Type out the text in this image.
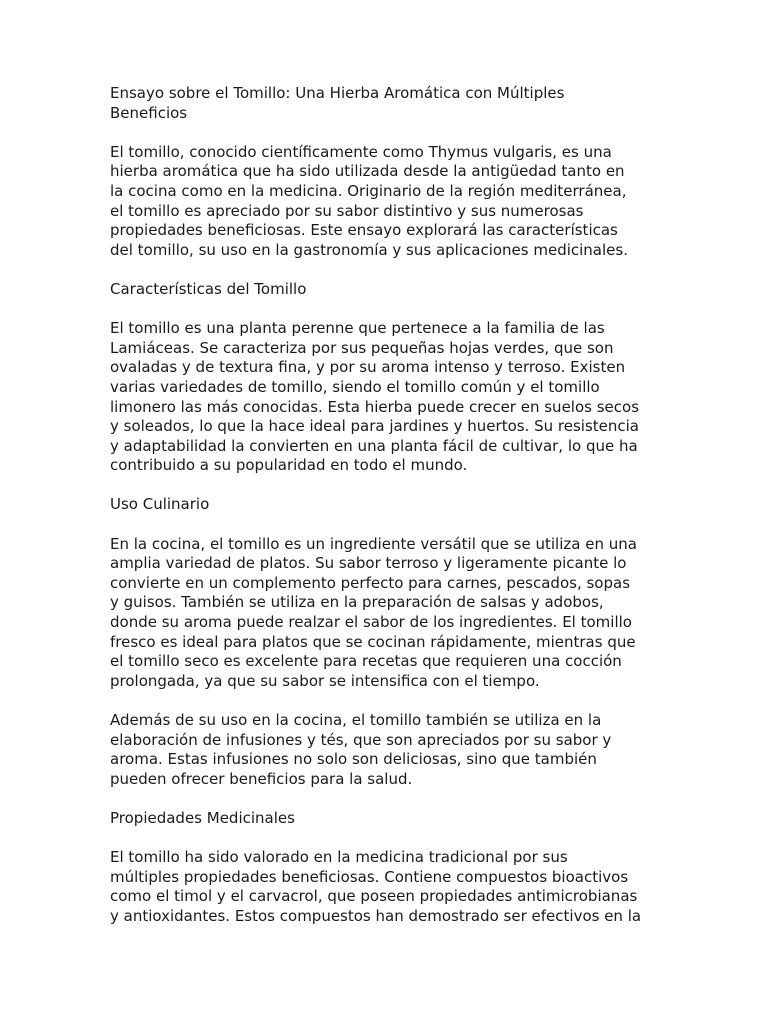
Ensayo sobre el Tomillo: Una Hierba Aromática con Múltiples
Beneficios

El tomillo, conocido científicamente como Thymus vulgaris, es una
hierba aromática que ha sido utilizada desde la antigüedad tanto en
la cocina como en la medicina. Originario de la región mediterránea,
el tomillo es apreciado por su sabor distintivo y sus numerosas
propiedades beneficiosas. Este ensayo explorará las características
del tomillo, su uso en la gastronomía y sus aplicaciones medicinales.

Características del Tomillo

El tomillo es una planta perenne que pertenece a la familia de las
Lamiáceas. Se caracteriza por sus pequeñas hojas verdes, que son
ovaladas y de textura fina, y por su aroma intenso y terroso. Existen
varias variedades de tomillo, siendo el tomillo común y el tomillo
limonero las más conocidas. Esta hierba puede crecer en suelos secos
y soleados, lo que la hace ideal para jardines y huertos. Su resistencia
y adaptabilidad la convierten en una planta fácil de cultivar, lo que ha
contribuido a su popularidad en todo el mundo.

Uso Culinario

En la cocina, el tomillo es un ingrediente versátil que se utiliza en una
amplia variedad de platos. Su sabor terroso y ligeramente picante lo
convierte en un complemento perfecto para carnes, pescados, sopas
y guisos. También se utiliza en la preparación de salsas y adobos,
donde su aroma puede realzar el sabor de los ingredientes. El tomillo
fresco es ideal para platos que se cocinan rápidamente, mientras que
el tomillo seco es excelente para recetas que requieren una cocción
prolongada, ya que su sabor se intensifica con el tiempo.

Además de su uso en la cocina, el tomillo también se utiliza en la
elaboración de infusiones y tés, que son apreciados por su sabor y
aroma. Estas infusiones no solo son deliciosas, sino que también
pueden ofrecer beneficios para la salud.

Propiedades Medicinales

El tomillo ha sido valorado en la medicina tradicional por sus
múltiples propiedades beneficiosas. Contiene compuestos bioactivos
como el timol y el carvacrol, que poseen propiedades antimicrobianas
y antioxidantes. Estos compuestos han demostrado ser efectivos en la
